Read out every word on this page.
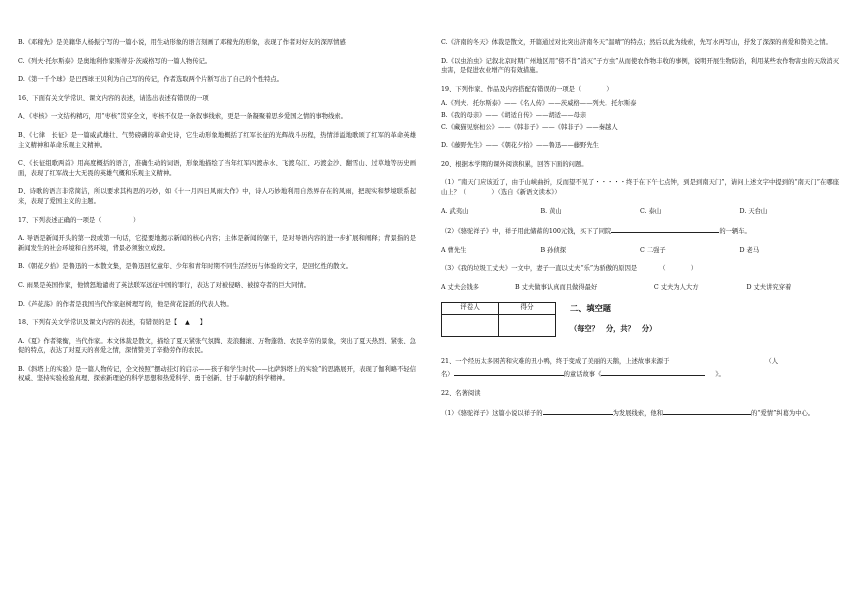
B.《邓稼先》是美籍华人杨振宁写的一篇小说，用生动形象的语言刻画了邓稼先的形象，表现了作者对好友的深厚情感

C.《列夫·托尔斯泰》是奥地利作家斯蒂芬·茨威格写的一篇人物传记。

D.《第一千个球》是巴西球王贝利为自己写的传记，作者选取两个片断写出了自己的个性特点。

16、下面有关文学常识、课文内容的表述，请选出表述有错误的一项

A、《枣核》一文结构精巧，用“枣核”贯穿全文，枣核不仅是一条叙事线索，更是一条凝聚着思乡爱国之情的事物线索。

B、《七律　长征》是一篇威武雄壮、气势磅礴的革命史诗，它生动形象地概括了红军长征的光辉战斗历程，热情洋溢地歌颂了红军的革命英雄主义精神和革命乐观主义精神。

C、《长征组歌两首》用高度概括的语言，准确生动的词语，形象地描绘了当年红军四渡赤水、飞渡乌江、巧渡金沙、翻雪山、过草地等历史画面，表现了红军战士大无畏的英雄气概和乐观主义精神。

D、诗歌的语言非常简洁，所以要求其构思的巧妙，如《十一月四日风雨大作》中，诗人巧妙地利用自然界存在的风雨，把现实和梦境联系起来，表现了爱国主义的主题。

17、下列表述正确的一项是（　　　　　）

A. 导语是新闻开头的第一段或第一句话，它提要地揭示新闻的核心内容；主体是新闻的躯干，是对导语内容的进一步扩展和阐释；背景指的是新闻发生的社会环境和自然环境，背景必须独立成段。

B.《朝花夕拾》是鲁迅的一本散文集，是鲁迅回忆童年、少年和青年时期不同生活经历与体验的文字，是回忆性的散文。

C. 雨果是英国作家，他愤怒地谴责了英法联军远征中国的罪行，表达了对被侵略、被掠夺者的巨大同情。

D.《芦花荡》的作者是我国当代作家赵树理写的，他是荷花淀派的代表人物。

18、下列有关文学常识及课文内容的表述，有错误的是【 ▲ 】

A.《夏》作者梁衡，当代作家。本文体裁是散文，描绘了夏天紧张气氛腾、麦浪翻滚、万物蓬勃、农民辛劳的景象，突出了夏天热烈、紧张、急促的特点，表达了对夏天的喜爱之情，深情赞美了辛勤劳作的农民。

B.《斜塔上的实验》是一篇人物传记，全文按照“摆动挂灯的启示——孩子和学生时代——比萨斜塔上的实验”的思路展开，表现了伽利略不轻信权威、坚持实验检验真理、探索新理论的科学思想和热爱科学、勇于创新、甘于奉献的科学精神。

C.《济南的冬天》体裁是散文，开篇通过对比突出济南冬天“温晴”的特点；然后以此为线索，先写水再写山，抒发了深深的喜爱和赞美之情。

D.《以虫治虫》记叙北京时期广州地区用“傍不肖”消灭“子方虫”从而使农作物丰收的事例，说明开展生物防治，利用某些农作物害虫的天敌消灭虫害，是促进农业增产的有效措施。

19、下列作家、作品及内容搭配有错误的一项是（　　　　）

A.《列夫．托尔斯泰》——《名人传》——茨威格——列夫．托尔斯泰

B.《我的母亲》——《胡适自传》——胡适——母亲

C.《藏猫见察桓公》——《韩非子》——《韩非子》——秦越人

D.《藤野先生》——《朝花夕拾》——鲁迅——藤野先生

20、根据本学期的课外阅读积累，回答下面的问题。

（1）“南天门应该近了，由于山峡曲折，反而望不见了・・・・・终于在下午七点钟，到是到南天门”，请问上述文字中提到的“南天门”在哪座山上？（　　　　）（选自《新语文读本》）

A. 武夷山	B. 黄山	C. 泰山	D. 天台山

（2）《骆驼祥子》中，祥子用此储蓄的100元钱，买下了同院	的一辆车。

A 曹先生	B 孙侦探	C 二强子	D 老马

（3）《我的垃圾工丈夫》一文中，妻子一直以丈夫“乐”为骄傲的原因是　　　　（　　　　）

A 丈夫会钱多	B 丈夫做事认真而且做得最好	C 丈夫为人大方	D 丈夫讲究穿着
评卷人	得分
		二、填空题
（每空？　分，共？　分）

21、一个经历太多困苦和灾难的丑小鸭，终于变成了美丽的天鹅，上述故事来源于	（人

名）	的童话故事《	》。

22、名著阅读

（1）《骆驼祥子》这篇小说以祥子的	为发展线索，他和	的“爱情”纠葛为中心。
